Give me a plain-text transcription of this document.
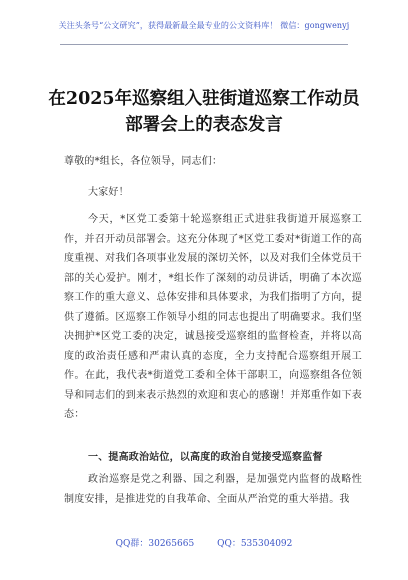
关注头条号“公文研究”，获得最新最全最专业的公文资料库！ 微信：gongwenyj
在2025年巡察组入驻街道巡察工作动员
部署会上的表态发言
尊敬的*组长，各位领导，同志们：
大家好！
今天，*区党工委第十轮巡察组正式进驻我街道开展巡察工作，并召开动员部署会。这充分体现了*区党工委对*街道工作的高度重视、对我们各项事业发展的深切关怀，以及对我们全体党员干部的关心爱护。刚才，*组长作了深刻的动员讲话，明确了本次巡察工作的重大意义、总体安排和具体要求，为我们指明了方向，提供了遵循。区巡察工作领导小组的同志也提出了明确要求。我们坚决拥护*区党工委的决定，诚恳接受巡察组的监督检查，并将以高度的政治责任感和严肃认真的态度，全力支持配合巡察组开展工作。在此，我代表*街道党工委和全体干部职工，向巡察组各位领导和同志们的到来表示热烈的欢迎和衷心的感谢！并郑重作如下表态：
一、提高政治站位，以高度的政治自觉接受巡察监督
政治巡察是党之利器、国之利器，是加强党内监督的战略性制度安排，是推进党的自我革命、全面从严治党的重大举措。我
QQ群：30265665	QQ：535304092
